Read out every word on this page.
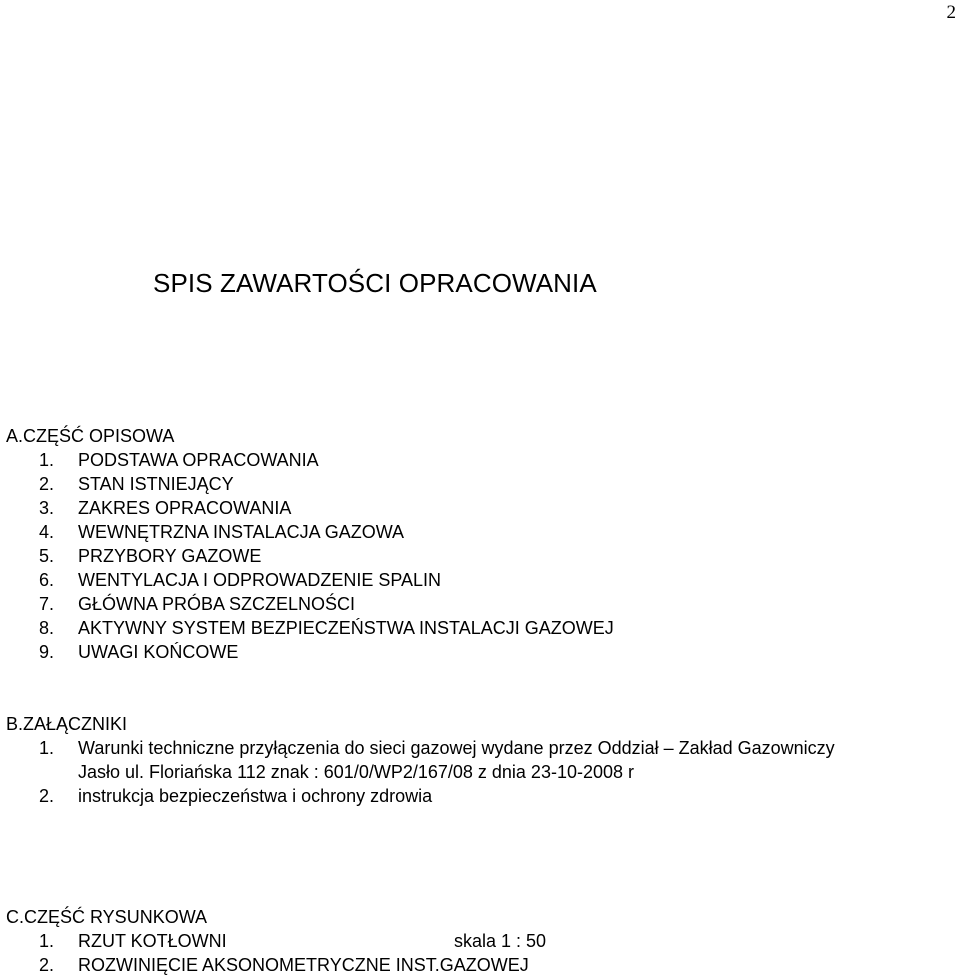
2
SPIS ZAWARTOŚCI OPRACOWANIA
A.CZĘŚĆ OPISOWA
1. PODSTAWA OPRACOWANIA
2. STAN ISTNIEJĄCY
3. ZAKRES OPRACOWANIA
4. WEWNĘTRZNA INSTALACJA GAZOWA
5. PRZYBORY GAZOWE
6. WENTYLACJA I ODPROWADZENIE SPALIN
7. GŁÓWNA PRÓBA SZCZELNOŚCI
8. AKTYWNY SYSTEM BEZPIECZEŃSTWA INSTALACJI GAZOWEJ
9. UWAGI KOŃCOWE
B.ZAŁĄCZNIKI
1. Warunki techniczne przyłączenia do sieci gazowej wydane przez Oddział – Zakład Gazowniczy Jasło ul. Floriańska 112 znak : 601/0/WP2/167/08 z dnia 23-10-2008 r
2. instrukcja bezpieczeństwa i ochrony zdrowia
C.CZĘŚĆ RYSUNKOWA
1. RZUT KOTŁOWNI	skala 1 : 50
2. ROZWINIĘCIE AKSONOMETRYCZNE INST.GAZOWEJ
